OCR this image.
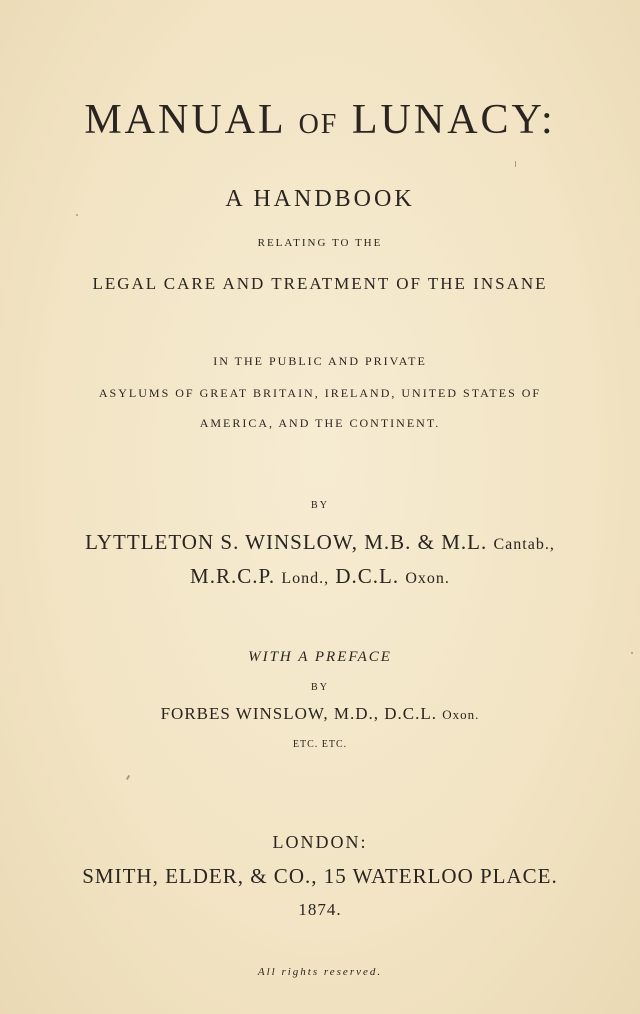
MANUAL OF LUNACY:
A HANDBOOK
RELATING TO THE
LEGAL CARE AND TREATMENT OF THE INSANE
IN THE PUBLIC AND PRIVATE
ASYLUMS OF GREAT BRITAIN, IRELAND, UNITED STATES OF
AMERICA, AND THE CONTINENT.
BY
LYTTLETON S. WINSLOW, M.B. & M.L. Cantab.,
M.R.C.P. Lond., D.C.L. Oxon.
WITH A PREFACE
BY
FORBES WINSLOW, M.D., D.C.L. Oxon.
ETC. ETC.
LONDON:
SMITH, ELDER, & CO., 15 WATERLOO PLACE.
1874.
All rights reserved.
